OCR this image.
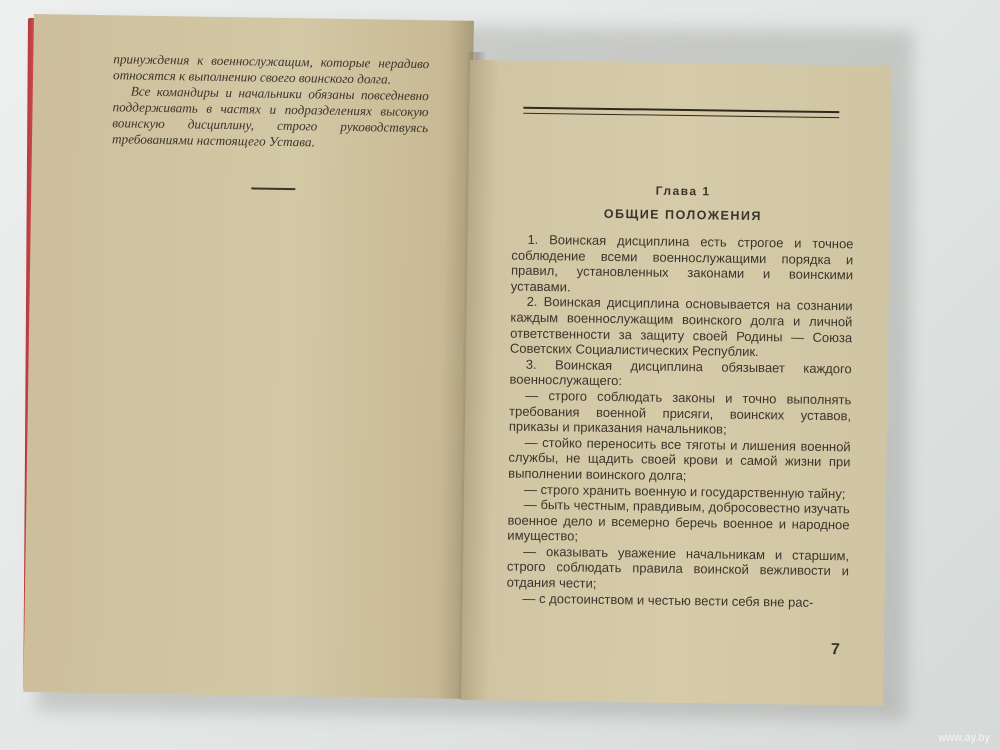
принуждения к военнослужащим, которые нерадиво относятся к выполнению своего воинского долга.

Все командиры и начальники обязаны повседневно поддерживать в частях и подразделениях высокую воинскую дисциплину, строго руководствуясь требованиями настоящего Устава.

Глава 1
ОБЩИЕ ПОЛОЖЕНИЯ

1. Воинская дисциплина есть строгое и точное соблюдение всеми военнослужащими порядка и правил, установленных законами и воинскими уставами.

2. Воинская дисциплина основывается на сознании каждым военнослужащим воинского долга и личной ответственности за защиту своей Родины — Союза Советских Социалистических Республик.

3. Воинская дисциплина обязывает каждого военнослужащего:

— строго соблюдать законы и точно выполнять требования военной присяги, воинских уставов, приказы и приказания начальников;

— стойко переносить все тяготы и лишения военной службы, не щадить своей крови и самой жизни при выполнении воинского долга;

— строго хранить военную и государственную тайну;

— быть честным, правдивым, добросовестно изучать военное дело и всемерно беречь военное и народное имущество;

— оказывать уважение начальникам и старшим, строго соблюдать правила воинской вежливости и отдания чести;

— с достоинством и честью вести себя вне рас-

7
www.ay.by
